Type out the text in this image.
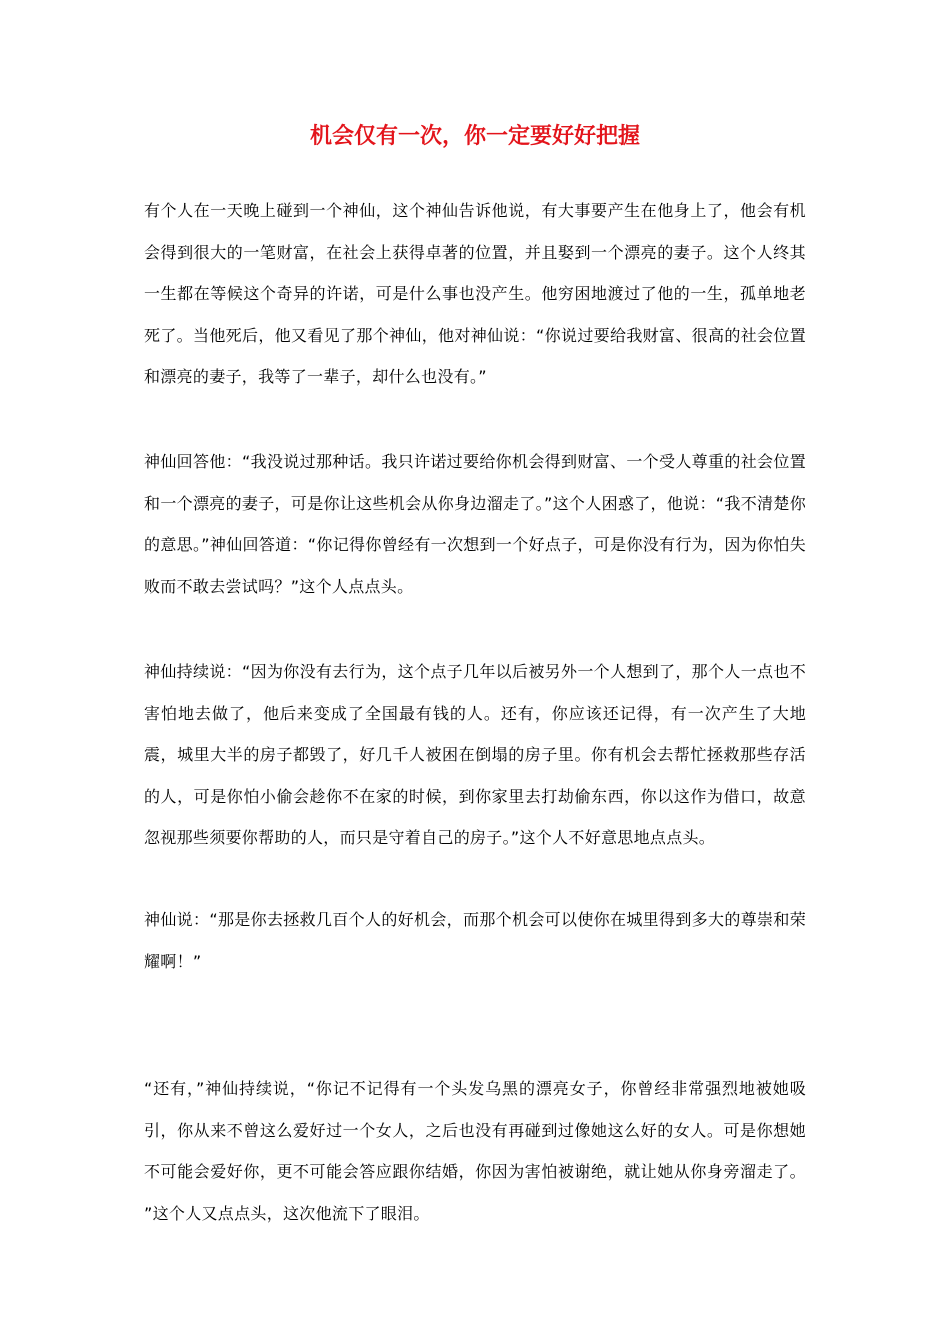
机会仅有一次，你一定要好好把握

有个人在一天晚上碰到一个神仙，这个神仙告诉他说，有大事要产生在他身上了，他会有机会得到很大的一笔财富，在社会上获得卓著的位置，并且娶到一个漂亮的妻子。这个人终其一生都在等候这个奇异的许诺，可是什么事也没产生。他穷困地渡过了他的一生，孤单地老死了。当他死后，他又看见了那个神仙，他对神仙说：“你说过要给我财富、很高的社会位置和漂亮的妻子，我等了一辈子，却什么也没有。”

神仙回答他：“我没说过那种话。我只许诺过要给你机会得到财富、一个受人尊重的社会位置和一个漂亮的妻子，可是你让这些机会从你身边溜走了。”这个人困惑了，他说：“我不清楚你的意思。”神仙回答道：“你记得你曾经有一次想到一个好点子，可是你没有行为，因为你怕失败而不敢去尝试吗？”这个人点点头。

神仙持续说：“因为你没有去行为，这个点子几年以后被另外一个人想到了，那个人一点也不害怕地去做了，他后来变成了全国最有钱的人。还有，你应该还记得，有一次产生了大地震，城里大半的房子都毁了，好几千人被困在倒塌的房子里。你有机会去帮忙拯救那些存活的人，可是你怕小偷会趁你不在家的时候，到你家里去打劫偷东西，你以这作为借口，故意忽视那些须要你帮助的人，而只是守着自己的房子。”这个人不好意思地点点头。

神仙说：“那是你去拯救几百个人的好机会，而那个机会可以使你在城里得到多大的尊崇和荣耀啊！”

“还有，”神仙持续说，“你记不记得有一个头发乌黑的漂亮女子，你曾经非常强烈地被她吸引，你从来不曾这么爱好过一个女人，之后也没有再碰到过像她这么好的女人。可是你想她不可能会爱好你，更不可能会答应跟你结婚，你因为害怕被谢绝，就让她从你身旁溜走了。 ”这个人又点点头，这次他流下了眼泪。
